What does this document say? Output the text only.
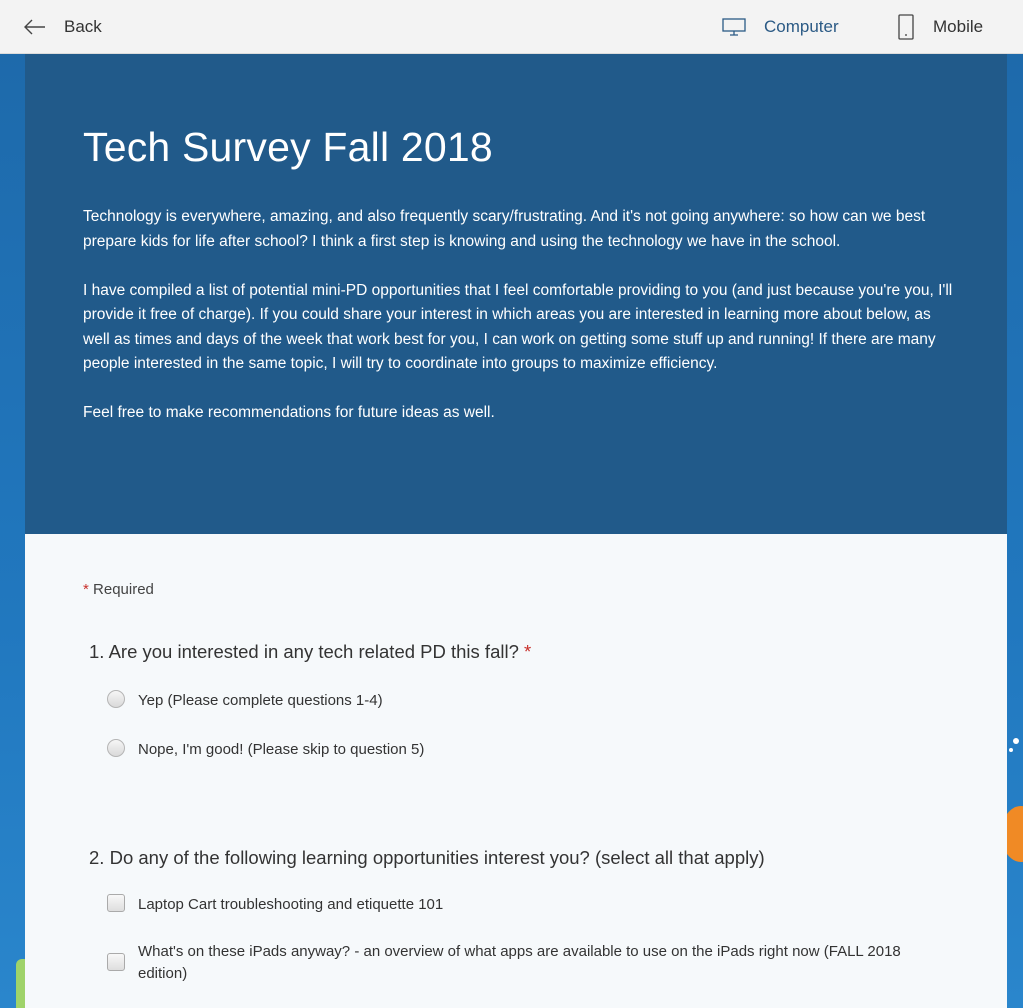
Back	Computer	Mobile
Tech Survey Fall 2018

Technology is everywhere, amazing, and also frequently scary/frustrating. And it's not going anywhere: so how can we best prepare kids for life after school? I think a first step is knowing and using the technology we have in the school.

I have compiled a list of potential mini-PD opportunities that I feel comfortable providing to you (and just because you're you, I'll provide it free of charge). If you could share your interest in which areas you are interested in learning more about below, as well as times and days of the week that work best for you, I can work on getting some stuff up and running! If there are many people interested in the same topic, I will try to coordinate into groups to maximize efficiency.

Feel free to make recommendations for future ideas as well.

* Required
1. Are you interested in any tech related PD this fall? *
Yep (Please complete questions 1-4)
Nope, I'm good! (Please skip to question 5)
2. Do any of the following learning opportunities interest you? (select all that apply)
Laptop Cart troubleshooting and etiquette 101
What's on these iPads anyway? - an overview of what apps are available to use on the iPads right now (FALL 2018 edition)
